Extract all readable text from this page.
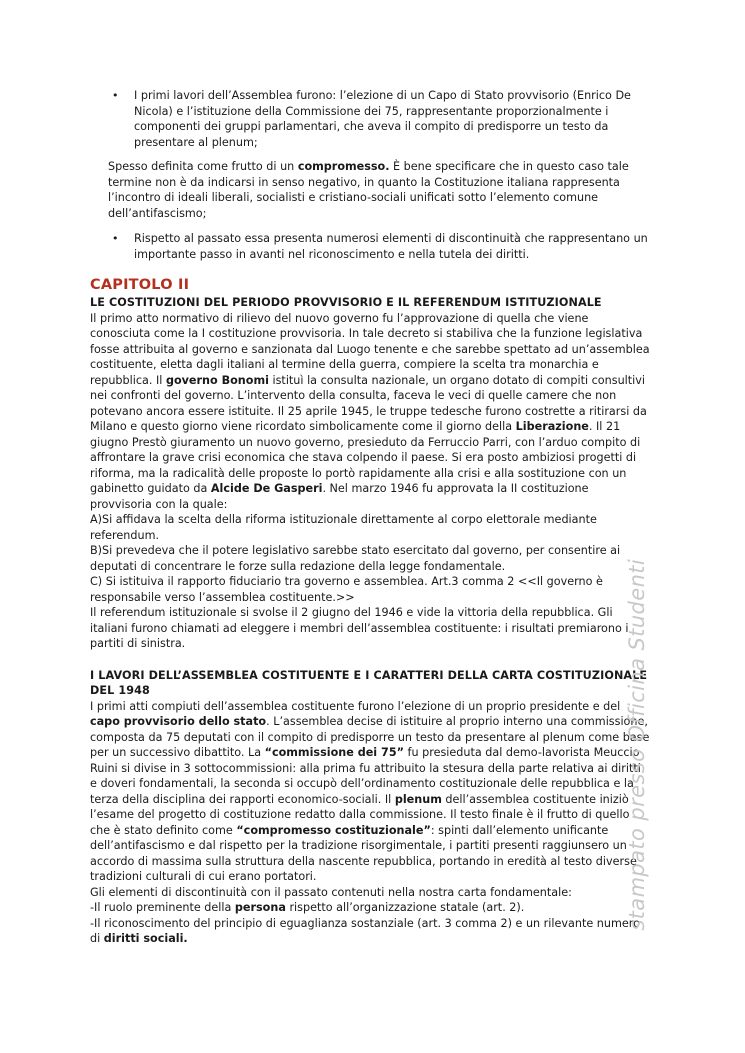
• I primi lavori dell’Assemblea furono: l’elezione di un Capo di Stato provvisorio (Enrico De Nicola) e l’istituzione della Commissione dei 75, rappresentante proporzionalmente i componenti dei gruppi parlamentari, che aveva il compito di predisporre un testo da presentare al plenum;

Spesso definita come frutto di un compromesso. È bene specificare che in questo caso tale termine non è da indicarsi in senso negativo, in quanto la Costituzione italiana rappresenta l’incontro di ideali liberali, socialisti e cristiano-sociali unificati sotto l’elemento comune dell’antifascismo;

• Rispetto al passato essa presenta numerosi elementi di discontinuità che rappresentano un importante passo in avanti nel riconoscimento e nella tutela dei diritti.
CAPITOLO II
LE COSTITUZIONI DEL PERIODO PROVVISORIO E IL REFERENDUM ISTITUZIONALE

Il primo atto normativo di rilievo del nuovo governo fu l’approvazione di quella che viene conosciuta come la I costituzione provvisoria. In tale decreto si stabiliva che la funzione legislativa fosse attribuita al governo e sanzionata dal Luogo tenente e che sarebbe spettato ad un’assemblea costituente, eletta dagli italiani al termine della guerra, compiere la scelta tra monarchia e repubblica. Il governo Bonomi istituì la consulta nazionale, un organo dotato di compiti consultivi nei confronti del governo. L’intervento della consulta, faceva le veci di quelle camere che non potevano ancora essere istituite. Il 25 aprile 1945, le truppe tedesche furono costrette a ritirarsi da Milano e questo giorno viene ricordato simbolicamente come il giorno della Liberazione. Il 21 giugno Prestò giuramento un nuovo governo, presieduto da Ferruccio Parri, con l’arduo compito di affrontare la grave crisi economica che stava colpendo il paese. Si era posto ambiziosi progetti di riforma, ma la radicalità delle proposte lo portò rapidamente alla crisi e alla sostituzione con un gabinetto guidato da Alcide De Gasperi. Nel marzo 1946 fu approvata la II costituzione provvisoria con la quale:

A)Si affidava la scelta della riforma istituzionale direttamente al corpo elettorale mediante referendum.

B)Si prevedeva che il potere legislativo sarebbe stato esercitato dal governo, per consentire ai deputati di concentrare le forze sulla redazione della legge fondamentale.

C) Si istituiva il rapporto fiduciario tra governo e assemblea. Art.3 comma 2 <<Il governo è responsabile verso l’assemblea costituente.>>

Il referendum istituzionale si svolse il 2 giugno del 1946 e vide la vittoria della repubblica. Gli italiani furono chiamati ad eleggere i membri dell’assemblea costituente: i risultati premiarono i partiti di sinistra.

I LAVORI DELL’ASSEMBLEA COSTITUENTE E I CARATTERI DELLA CARTA COSTITUZIONALE DEL 1948

I primi atti compiuti dell’assemblea costituente furono l’elezione di un proprio presidente e del capo provvisorio dello stato. L’assemblea decise di istituire al proprio interno una commissione, composta da 75 deputati con il compito di predisporre un testo da presentare al plenum come base per un successivo dibattito. La “commissione dei 75” fu presieduta dal demo-lavorista Meuccio Ruini si divise in 3 sottocommissioni: alla prima fu attribuito la stesura della parte relativa ai diritti e doveri fondamentali, la seconda si occupò dell’ordinamento costituzionale delle repubblica e la terza della disciplina dei rapporti economico-sociali. Il plenum dell’assemblea costituente iniziò l’esame del progetto di costituzione redatto dalla commissione. Il testo finale è il frutto di quello che è stato definito come “compromesso costituzionale”: spinti dall’elemento unificante dell’antifascismo e dal rispetto per la tradizione risorgimentale, i partiti presenti raggiunsero un accordo di massima sulla struttura della nascente repubblica, portando in eredità al testo diverse tradizioni culturali di cui erano portatori.

Gli elementi di discontinuità con il passato contenuti nella nostra carta fondamentale:

-Il ruolo preminente della persona rispetto all’organizzazione statale (art. 2).

-Il riconoscimento del principio di eguaglianza sostanziale (art. 3 comma 2) e un rilevante numero di diritti sociali.

stampato presso Officina Studenti
